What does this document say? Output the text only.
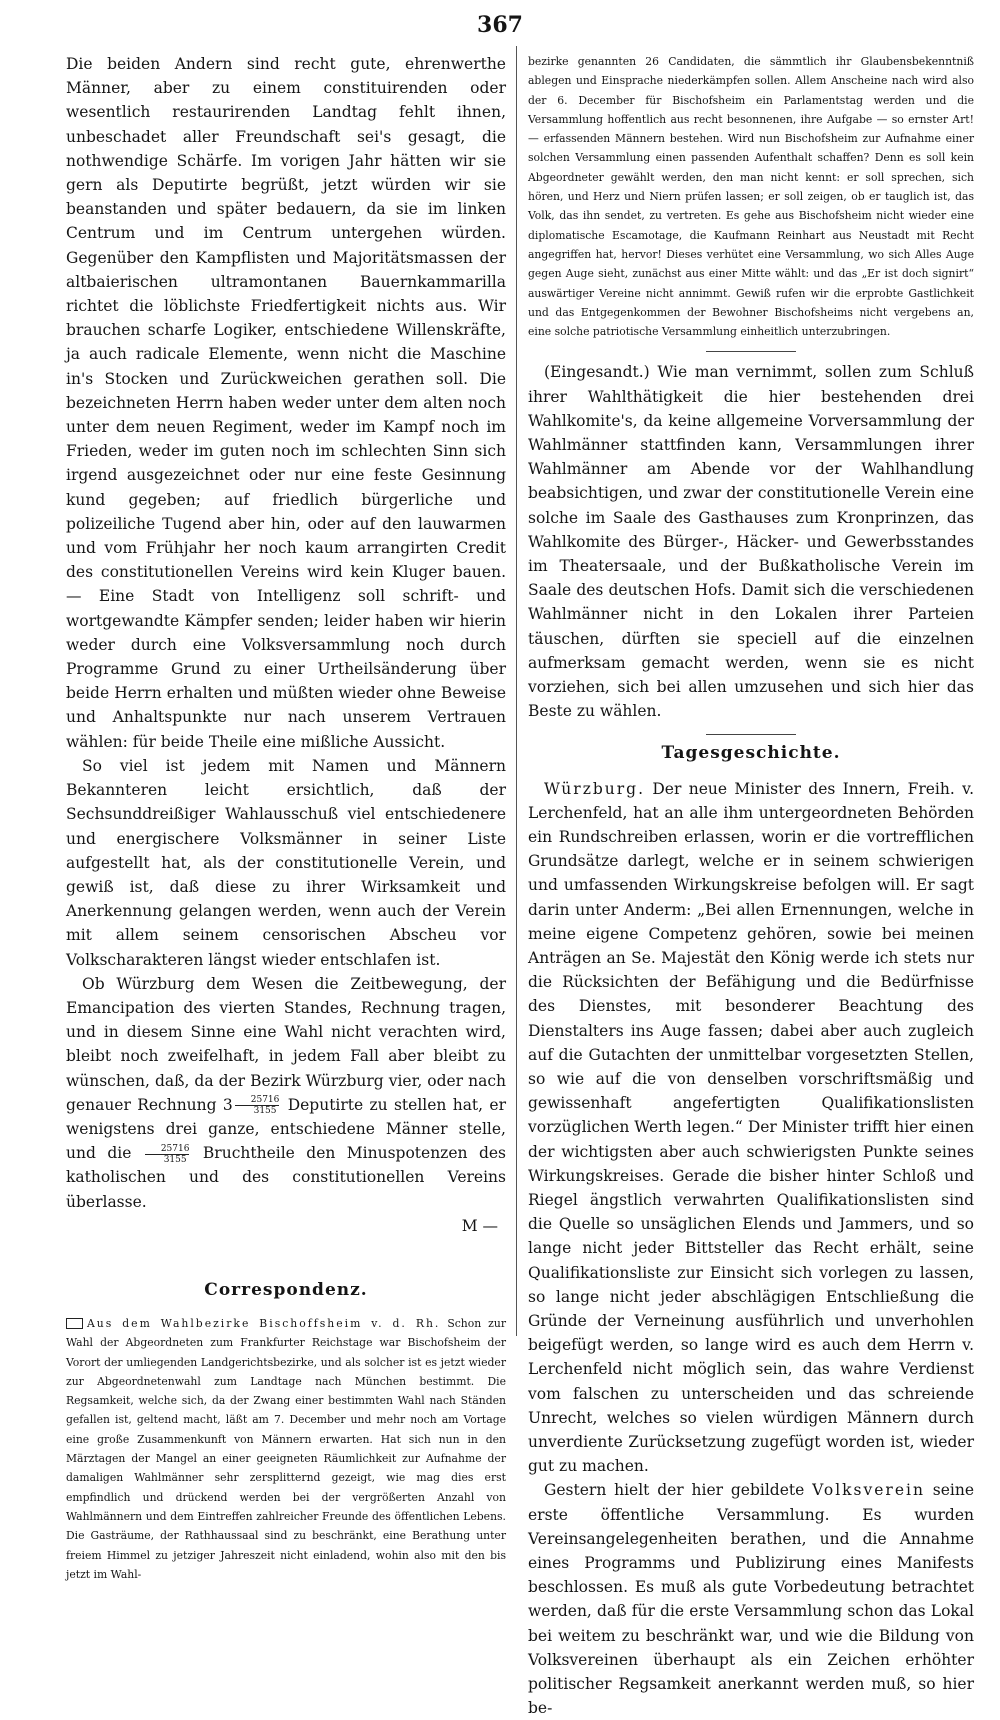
367

Die beiden Andern sind recht gute, ehrenwerthe Männer, aber zu einem constituirenden oder wesentlich restaurirenden Landtag fehlt ihnen, unbeschadet aller Freundschaft sei's gesagt, die nothwendige Schärfe. Im vorigen Jahr hätten wir sie gern als Deputirte begrüßt, jetzt würden wir sie beanstanden und später bedauern, da sie im linken Centrum und im Centrum untergehen würden. Gegenüber den Kampflisten und Majoritätsmassen der altbaierischen ultramontanen Bauernkammarilla richtet die löblichste Friedfertigkeit nichts aus. Wir brauchen scharfe Logiker, entschiedene Willenskräfte, ja auch radicale Elemente, wenn nicht die Maschine in's Stocken und Zurückweichen gerathen soll. Die bezeichneten Herrn haben weder unter dem alten noch unter dem neuen Regiment, weder im Kampf noch im Frieden, weder im guten noch im schlechten Sinn sich irgend ausgezeichnet oder nur eine feste Gesinnung kund gegeben; auf friedlich bürgerliche und polizeiliche Tugend aber hin, oder auf den lauwarmen und vom Frühjahr her noch kaum arrangirten Credit des constitutionellen Vereins wird kein Kluger bauen. — Eine Stadt von Intelligenz soll schrift- und wortgewandte Kämpfer senden; leider haben wir hierin weder durch eine Volksversammlung noch durch Programme Grund zu einer Urtheilsänderung über beide Herrn erhalten und müßten wieder ohne Beweise und Anhaltspunkte nur nach unserem Vertrauen wählen: für beide Theile eine mißliche Aussicht.

So viel ist jedem mit Namen und Männern Bekannteren leicht ersichtlich, daß der Sechsunddreißiger Wahlausschuß viel entschiedenere und energischere Volksmänner in seiner Liste aufgestellt hat, als der constitutionelle Verein, und gewiß ist, daß diese zu ihrer Wirksamkeit und Anerkennung gelangen werden, wenn auch der Verein mit allem seinem censorischen Abscheu vor Volkscharakteren längst wieder entschlafen ist.

Ob Würzburg dem Wesen die Zeitbewegung, der Emancipation des vierten Standes, Rechnung tragen, und in diesem Sinne eine Wahl nicht verachten wird, bleibt noch zweifelhaft, in jedem Fall aber bleibt zu wünschen, daß, da der Bezirk Würzburg vier, oder nach genauer Rechnung $3 \frac{25716}{3155}$ Deputirte zu stellen hat, er wenigstens drei ganze, entschiedene Männer stelle, und die $\frac{25716}{3155}$ Bruchtheile den Minuspotenzen des katholischen und des constitutionellen Vereins überlasse.

M —

Correspondenz.

Aus dem Wahlbezirke Bischoffsheim v. d. Rh. Schon zur Wahl der Abgeordneten zum Frankfurter Reichstage war Bischofsheim der Vorort der umliegenden Landgerichtsbezirke, und als solcher ist es jetzt wieder zur Abgeordnetenwahl zum Landtage nach München bestimmt. Die Regsamkeit, welche sich, da der Zwang einer bestimmten Wahl nach Ständen gefallen ist, geltend macht, läßt am 7. December und mehr noch am Vortage eine große Zusammenkunft von Männern erwarten. Hat sich nun in den Märztagen der Mangel an einer geeigneten Räumlichkeit zur Aufnahme der damaligen Wahlmänner sehr zersplitternd gezeigt, wie mag dies erst empfindlich und drückend werden bei der vergrößerten Anzahl von Wahlmännern und dem Eintreffen zahlreicher Freunde des öffentlichen Lebens. Die Gasträume, der Rathhaussaal sind zu beschränkt, eine Berathung unter freiem Himmel zu jetziger Jahreszeit nicht einladend, wohin also mit den bis jetzt im Wahl-

bezirke genannten 26 Candidaten, die sämmtlich ihr Glaubensbekenntniß ablegen und Einsprache niederkämpfen sollen. Allem Anscheine nach wird also der 6. December für Bischofsheim ein Parlamentstag werden und die Versammlung hoffentlich aus recht besonnenen, ihre Aufgabe — so ernster Art! — erfassenden Männern bestehen. Wird nun Bischofsheim zur Aufnahme einer solchen Versammlung einen passenden Aufenthalt schaffen? Denn es soll kein Abgeordneter gewählt werden, den man nicht kennt: er soll sprechen, sich hören, und Herz und Niern prüfen lassen; er soll zeigen, ob er tauglich ist, das Volk, das ihn sendet, zu vertreten. Es gehe aus Bischofsheim nicht wieder eine diplomatische Escamotage, die Kaufmann Reinhart aus Neustadt mit Recht angegriffen hat, hervor! Dieses verhütet eine Versammlung, wo sich Alles Auge gegen Auge sieht, zunächst aus einer Mitte wählt: und das „Er ist doch signirt“ auswärtiger Vereine nicht annimmt. Gewiß rufen wir die erprobte Gastlichkeit und das Entgegenkommen der Bewohner Bischofsheims nicht vergebens an, eine solche patriotische Versammlung einheitlich unterzubringen.

(Eingesandt.) Wie man vernimmt, sollen zum Schluß ihrer Wahlthätigkeit die hier bestehenden drei Wahlkomite's, da keine allgemeine Vorversammlung der Wahlmänner stattfinden kann, Versammlungen ihrer Wahlmänner am Abende vor der Wahlhandlung beabsichtigen, und zwar der constitutionelle Verein eine solche im Saale des Gasthauses zum Kronprinzen, das Wahlkomite des Bürger-, Häcker- und Gewerbsstandes im Theatersaale, und der Bußkatholische Verein im Saale des deutschen Hofs. Damit sich die verschiedenen Wahlmänner nicht in den Lokalen ihrer Parteien täuschen, dürften sie speciell auf die einzelnen aufmerksam gemacht werden, wenn sie es nicht vorziehen, sich bei allen umzusehen und sich hier das Beste zu wählen.

Tagesgeschichte.

Würzburg. Der neue Minister des Innern, Freih. v. Lerchenfeld, hat an alle ihm untergeordneten Behörden ein Rundschreiben erlassen, worin er die vortrefflichen Grundsätze darlegt, welche er in seinem schwierigen und umfassenden Wirkungskreise befolgen will. Er sagt darin unter Anderm: „Bei allen Ernennungen, welche in meine eigene Competenz gehören, sowie bei meinen Anträgen an Se. Majestät den König werde ich stets nur die Rücksichten der Befähigung und die Bedürfnisse des Dienstes, mit besonderer Beachtung des Dienstalters ins Auge fassen; dabei aber auch zugleich auf die Gutachten der unmittelbar vorgesetzten Stellen, so wie auf die von denselben vorschriftsmäßig und gewissenhaft angefertigten Qualifikationslisten vorzüglichen Werth legen.“ Der Minister trifft hier einen der wichtigsten aber auch schwierigsten Punkte seines Wirkungskreises. Gerade die bisher hinter Schloß und Riegel ängstlich verwahrten Qualifikationslisten sind die Quelle so unsäglichen Elends und Jammers, und so lange nicht jeder Bittsteller das Recht erhält, seine Qualifikationsliste zur Einsicht sich vorlegen zu lassen, so lange nicht jeder abschlägigen Entschließung die Gründe der Verneinung ausführlich und unverhohlen beigefügt werden, so lange wird es auch dem Herrn v. Lerchenfeld nicht möglich sein, das wahre Verdienst vom falschen zu unterscheiden und das schreiende Unrecht, welches so vielen würdigen Männern durch unverdiente Zurücksetzung zugefügt worden ist, wieder gut zu machen.

Gestern hielt der hier gebildete Volksverein seine erste öffentliche Versammlung. Es wurden Vereinsangelegenheiten berathen, und die Annahme eines Programms und Publizirung eines Manifests beschlossen. Es muß als gute Vorbedeutung betrachtet werden, daß für die erste Versammlung schon das Lokal bei weitem zu beschränkt war, und wie die Bildung von Volksvereinen überhaupt als ein Zeichen erhöhter politischer Regsamkeit anerkannt werden muß, so hier be-
